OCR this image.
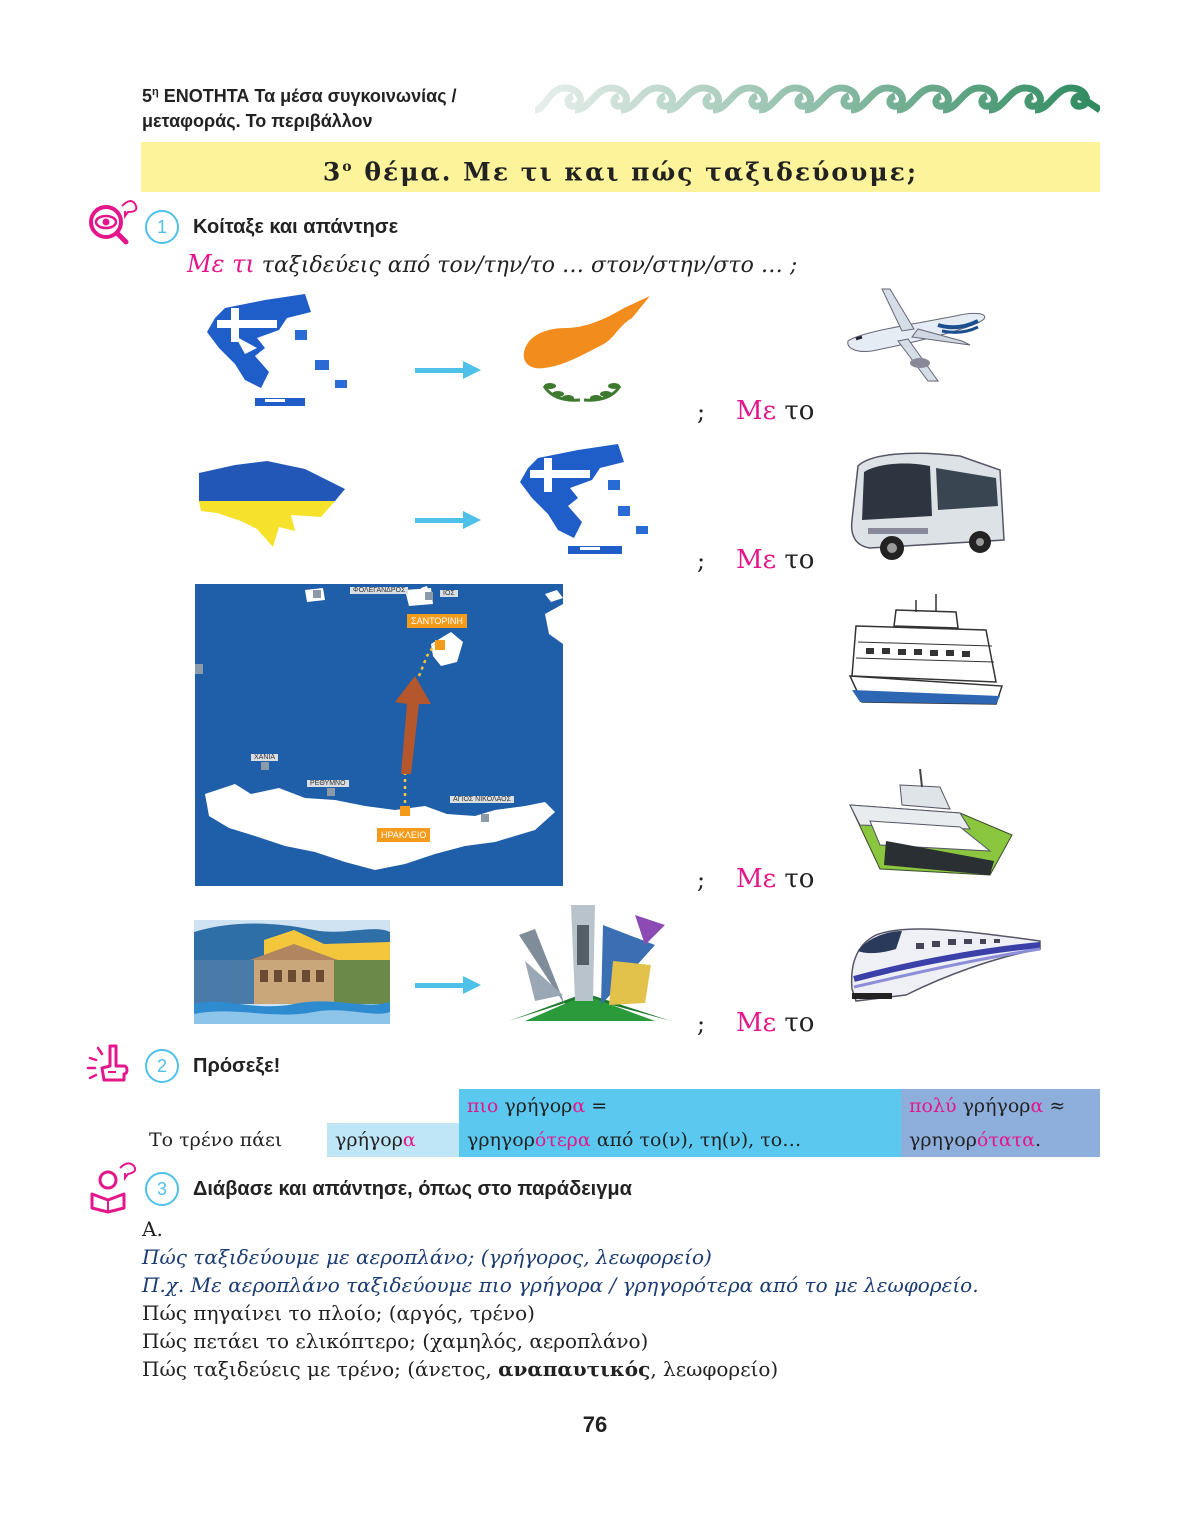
$5^\eta$ ΕΝΟΤΗΤΑ Τα μέσα συγκοινωνίας /
μεταφοράς. Το περιβάλλον
$3^o$ θέμα. Με τι και πώς ταξιδεύουμε;
1	Κοίταξε και απάντησε
Με τι ταξιδεύεις από τον/την/το … στον/στην/στο … ;
; Με το
; Με το
ΦΟΛΕΓΑΝΔΡΟΣ	ΙΟΣ
ΣΑΝΤΟΡΙΝΗ
ΧΑΝΙΑ
ΡΕΘΥΜΝΟ
ΑΓΙΟΣ ΝΙΚΟΛΑΟΣ
ΗΡΑΚΛΕΙΟ
; Με το
; Με το
2	Πρόσεξε!
		πιο γρήγορα =	πολύ γρήγορα ≈
Το τρένο πάει	γρήγορα	γρηγορότερα από το(ν), τη(ν), το…	γρηγορότατα.
3	Διάβασε και απάντησε, όπως στο παράδειγμα
Α.
Πώς ταξιδεύουμε με αεροπλάνο; (γρήγορος, λεωφορείο)
Π.χ. Με αεροπλάνο ταξιδεύουμε πιο γρήγορα / γρηγορότερα από το με λεωφορείο.
Πώς πηγαίνει το πλοίο; (αργός, τρένο)
Πώς πετάει το ελικόπτερο; (χαμηλός, αεροπλάνο)
Πώς ταξιδεύεις με τρένο; (άνετος, αναπαυτικός, λεωφορείο)
76
